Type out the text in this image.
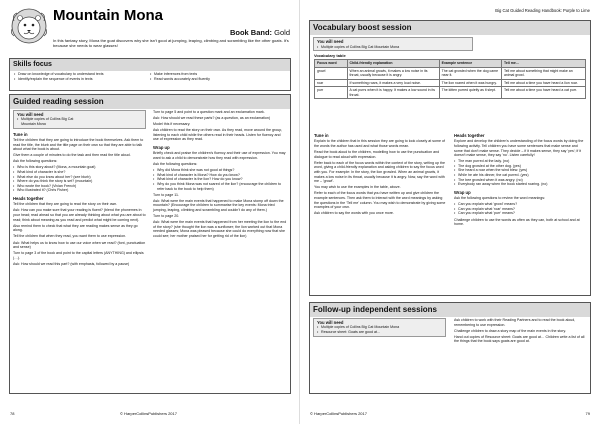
Mountain Mona
Book Band: Gold
In this fantasy story, Mona the goat discovers why she isn't good at jumping, leaping, climbing and scrambling like the other goats. It's because she needs to wear glasses!
Skills focus
• Draw on knowledge of vocabulary to understand texts
• Identify/explain the sequence of events in texts
• Make inferences from texts
• Read words accurately and fluently
Guided reading session
You will need
• Multiple copies of Collins Big Cat
Mountain Mona
Tune in

Tell the children that they are going to introduce the book themselves. Ask them to read the title, the blurb and the title page on their own so that they are able to talk about what the book is about.

Give them a couple of minutes to do the task and then read the title aloud.

Ask the following questions:

• Who is this story about? (Mona, a mountain goat)
• What kind of character is she?
• What else do you know about her? (see blurb)
• Where do you think the story is set? (mountain)
• Who wrote the book? (Vivian French)
• Who illustrated it? (Chris Fisher)
Heads together

Tell the children that they are going to read the story on their own.

Ask: How can you make sure that your reading is fluent? (blend the phonemes in your head; read ahead so that you are already thinking about what you are about to read; think about meaning as you read and predict what might be coming next).

Also remind them to check that what they are reading makes sense as they go along.

Tell the children that when they read, you want them to use expression.

Ask: What helps us to know how to use our voice when we read? (font, punctuation and sense)

Turn to page 3 of the book and point to the capital letters (ANYTHING) and ellipsis (…).

Ask: How should we read this part? (with emphasis, followed by a pause)

Turn to page 5 and point to a question mark and an exclamation mark.

Ask: How should we read these parts? (as a question, as an exclamation)

Model this if necessary.

Ask children to read the story on their own. As they read, move around the group, listening to each child while the others read in their heads. Listen for fluency and use of expression as they read.

Wrap up

Briefly check and praise the children's fluency and their use of expression. You may want to ask a child to demonstrate how they read with expression.

Ask the following questions:

• Why did Mona think she was not good at things?
• What kind of character is Mona? How do you know?
• What kind of character is the lion? How do you know?
• Why do you think Mona was not scared of the lion? (encourage the children to refer back to the book to help them)

Turn to page 11.

Ask: What were the main events that happened to make Mona stomp off down the mountain? (Encourage the children to summarise the key events: Mona tried jumping, leaping, climbing and scrambling and couldn't do any of them.)

Turn to page 20.

Ask: What were the main events that happened from her meeting the lion to the end of the story? (she thought the lion was a sunflower; the lion worked out that Mona needed glasses; Mona was pleased because she could do everything now that she could see; her mother praised her for getting rid of the lion)

78	© HarperCollinsPublishers 2017
Big Cat Guided Reading Handbook: Purple to Lime
Vocabulary boost session
You will need
• Multiple copies of Collins Big Cat Mountain Mona
Vocabulary table
Focus word	Child-friendly explanation	Example sentence	Tell me…
growl	When an animal growls, it makes a low noise in its throat, usually because it is angry.	The cat growled when the dog came near it.	Tell me about something that might make an animal growl.
roar	If something roars, it makes a very loud noise.	The lion roared when it was hungry.	Tell me about a time you have heard a lion roar.
purr	A cat purrs when it is happy. It makes a low sound in its throat.	The kitten purred quietly as it slept.	Tell me about a time you have heard a cat purr.
Tune in

Explain to the children that in this session they are going to look closely at some of the words the author has used and what those words mean.

Read the book aloud to the children, modelling how to use the punctuation and dialogue to read aloud with expression.

Refer back to each of the focus words within the context of the story, writing up the word, giving a child-friendly explanation and asking children to say the focus word with you. For example: In the story, the lion growled. When an animal growls, it makes a low noise in its throat, usually because it is angry. Now, say the word with me – 'growl'.

You may wish to use the examples in the table, above.

Refer to each of the focus words that you have written up and give children the example sentences. Then ask them to interact with the word meanings by asking the questions in the 'Tell me' column. You may wish to demonstrate by giving some examples of your own.

Ask children to say the words with you once more.

Heads together

Explore and develop the children's understanding of the focus words by doing the following activity. Tell children you have some sentences that make sense and some that don't make sense. They decide – if it makes sense, they say 'yes'; if it doesn't make sense, they say 'no'. Listen carefully!

• The man purred at the lady. (no)
• The dog growled at the other dog. (yes)
• She heard a roar when the wind blew. (yes)
• While he ate his dinner, the cat purred. (yes)
• The bee growled when it was angry. (no)
• Everybody ran away when the book started roaring. (no)
Wrap up

Ask the following questions to review the word meanings:

• Can you explain what 'growl' means?
• Can you explain what 'roar' means?
• Can you explain what 'purr' means?

Challenge children to use the words as often as they can, both at school and at home.

Follow-up independent sessions
You will need
• Multiple copies of Collins Big Cat Mountain Mona
• Resource sheet: Goats are good at…

Ask children to work with their Reading Partners and to read the book aloud, remembering to use expression.

Challenge children to draw a story map of the main events in the story.

Hand out copies of Resource sheet: Goats are good at… Children write a list of all the things that the book says goats are good at.

© HarperCollinsPublishers 2017	79
